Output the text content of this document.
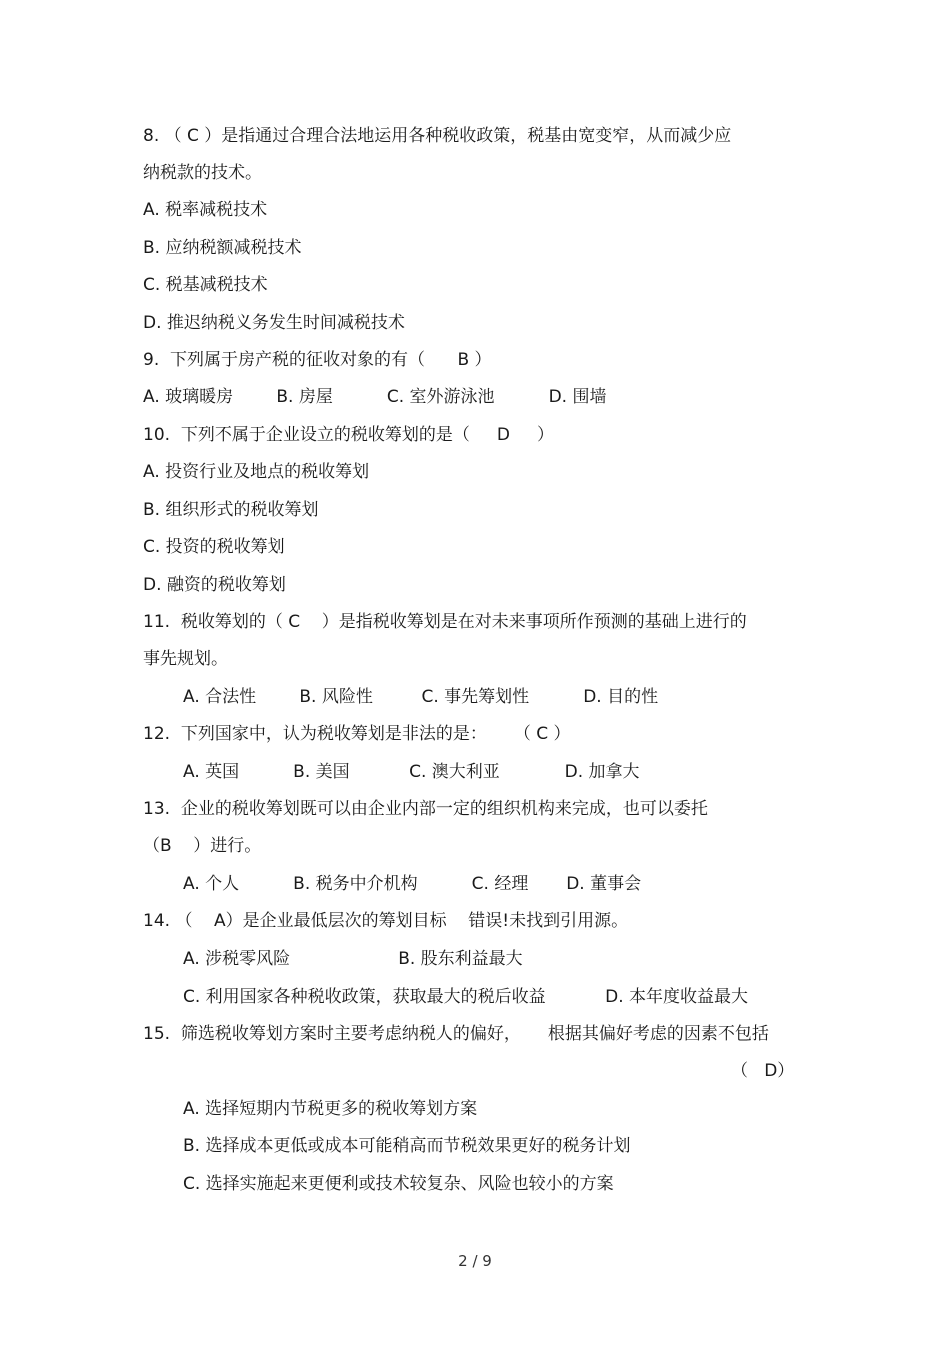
8. （ C ）是指通过合理合法地运用各种税收政策，税基由宽变窄，从而减少应
纳税款的技术。
A. 税率减税技术
B. 应纳税额减税技术
C. 税基减税技术
D. 推迟纳税义务发生时间减税技术
9.  下列属于房产税的征收对象的有（      B ）
A. 玻璃暖房        B. 房屋          C. 室外游泳池          D. 围墙
10.  下列不属于企业设立的税收筹划的是（     D     ）
A. 投资行业及地点的税收筹划
B. 组织形式的税收筹划
C. 投资的税收筹划
D. 融资的税收筹划
11.  税收筹划的（ C    ）是指税收筹划是在对未来事项所作预测的基础上进行的
事先规划。
A. 合法性        B. 风险性         C. 事先筹划性          D. 目的性
12.  下列国家中，认为税收筹划是非法的是：     （ C ）
A. 英国          B. 美国           C. 澳大利亚            D. 加拿大
13.  企业的税收筹划既可以由企业内部一定的组织机构来完成，也可以委托
（B    ）进行。
A. 个人          B. 税务中介机构          C. 经理       D. 董事会
14. （    A）是企业最低层次的筹划目标    错误!未找到引用源。
A. 涉税零风险                    B. 股东利益最大
C. 利用国家各种税收政策，获取最大的税后收益           D. 本年度收益最大
15.  筛选税收筹划方案时主要考虑纳税人的偏好，     根据其偏好考虑的因素不包括
（   D）
A. 选择短期内节税更多的税收筹划方案
B. 选择成本更低或成本可能稍高而节税效果更好的税务计划
C. 选择实施起来更便利或技术较复杂、风险也较小的方案
2 / 9
